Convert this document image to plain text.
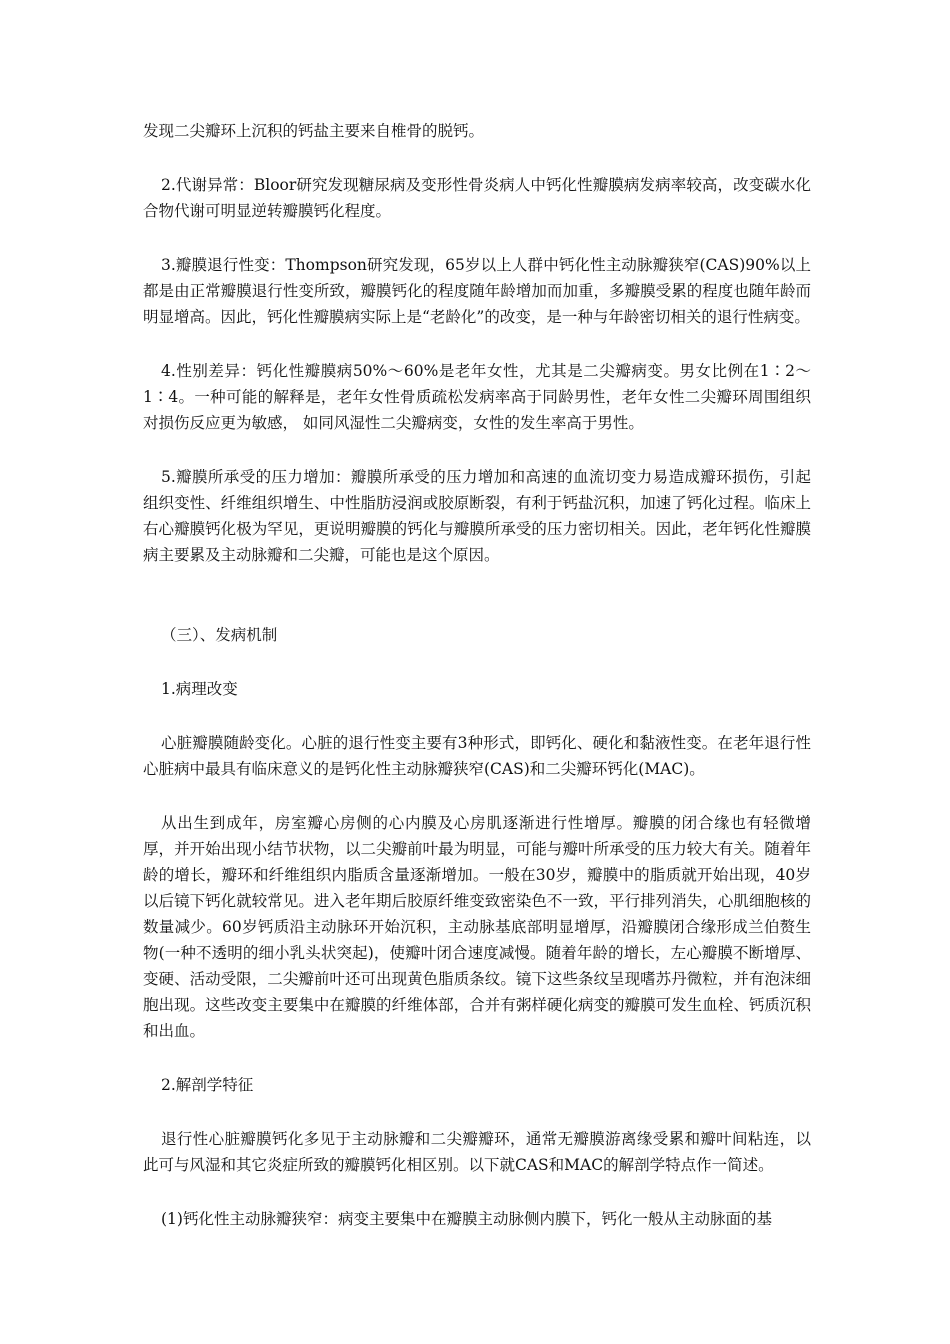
发现二尖瓣环上沉积的钙盐主要来自椎骨的脱钙。

2.代谢异常：Bloor研究发现糖尿病及变形性骨炎病人中钙化性瓣膜病发病率较高，改变碳水化合物代谢可明显逆转瓣膜钙化程度。

3.瓣膜退行性变：Thompson研究发现，65岁以上人群中钙化性主动脉瓣狭窄(CAS)90%以上都是由正常瓣膜退行性变所致，瓣膜钙化的程度随年龄增加而加重，多瓣膜受累的程度也随年龄而明显增高。因此，钙化性瓣膜病实际上是“老龄化”的改变，是一种与年龄密切相关的退行性病变。

4.性别差异：钙化性瓣膜病50%～60%是老年女性，尤其是二尖瓣病变。男女比例在1∶2～1∶4。一种可能的解释是，老年女性骨质疏松发病率高于同龄男性，老年女性二尖瓣环周围组织对损伤反应更为敏感， 如同风湿性二尖瓣病变，女性的发生率高于男性。

5.瓣膜所承受的压力增加：瓣膜所承受的压力增加和高速的血流切变力易造成瓣环损伤，引起组织变性、纤维组织增生、中性脂肪浸润或胶原断裂，有利于钙盐沉积，加速了钙化过程。临床上右心瓣膜钙化极为罕见，更说明瓣膜的钙化与瓣膜所承受的压力密切相关。因此，老年钙化性瓣膜病主要累及主动脉瓣和二尖瓣，可能也是这个原因。

（三）、发病机制

1.病理改变

心脏瓣膜随龄变化。心脏的退行性变主要有3种形式，即钙化、硬化和黏液性变。在老年退行性心脏病中最具有临床意义的是钙化性主动脉瓣狭窄(CAS)和二尖瓣环钙化(MAC)。

从出生到成年，房室瓣心房侧的心内膜及心房肌逐渐进行性增厚。瓣膜的闭合缘也有轻微增厚，并开始出现小结节状物，以二尖瓣前叶最为明显，可能与瓣叶所承受的压力较大有关。随着年龄的增长，瓣环和纤维组织内脂质含量逐渐增加。一般在30岁，瓣膜中的脂质就开始出现，40岁以后镜下钙化就较常见。进入老年期后胶原纤维变致密染色不一致，平行排列消失，心肌细胞核的数量减少。60岁钙质沿主动脉环开始沉积，主动脉基底部明显增厚，沿瓣膜闭合缘形成兰伯赘生物(一种不透明的细小乳头状突起)，使瓣叶闭合速度减慢。随着年龄的增长，左心瓣膜不断增厚、变硬、活动受限，二尖瓣前叶还可出现黄色脂质条纹。镜下这些条纹呈现嗜苏丹微粒，并有泡沫细胞出现。这些改变主要集中在瓣膜的纤维体部，合并有粥样硬化病变的瓣膜可发生血栓、钙质沉积和出血。

2.解剖学特征

退行性心脏瓣膜钙化多见于主动脉瓣和二尖瓣瓣环，通常无瓣膜游离缘受累和瓣叶间粘连，以此可与风湿和其它炎症所致的瓣膜钙化相区别。以下就CAS和MAC的解剖学特点作一简述。

(1)钙化性主动脉瓣狭窄：病变主要集中在瓣膜主动脉侧内膜下，钙化一般从主动脉面的基
